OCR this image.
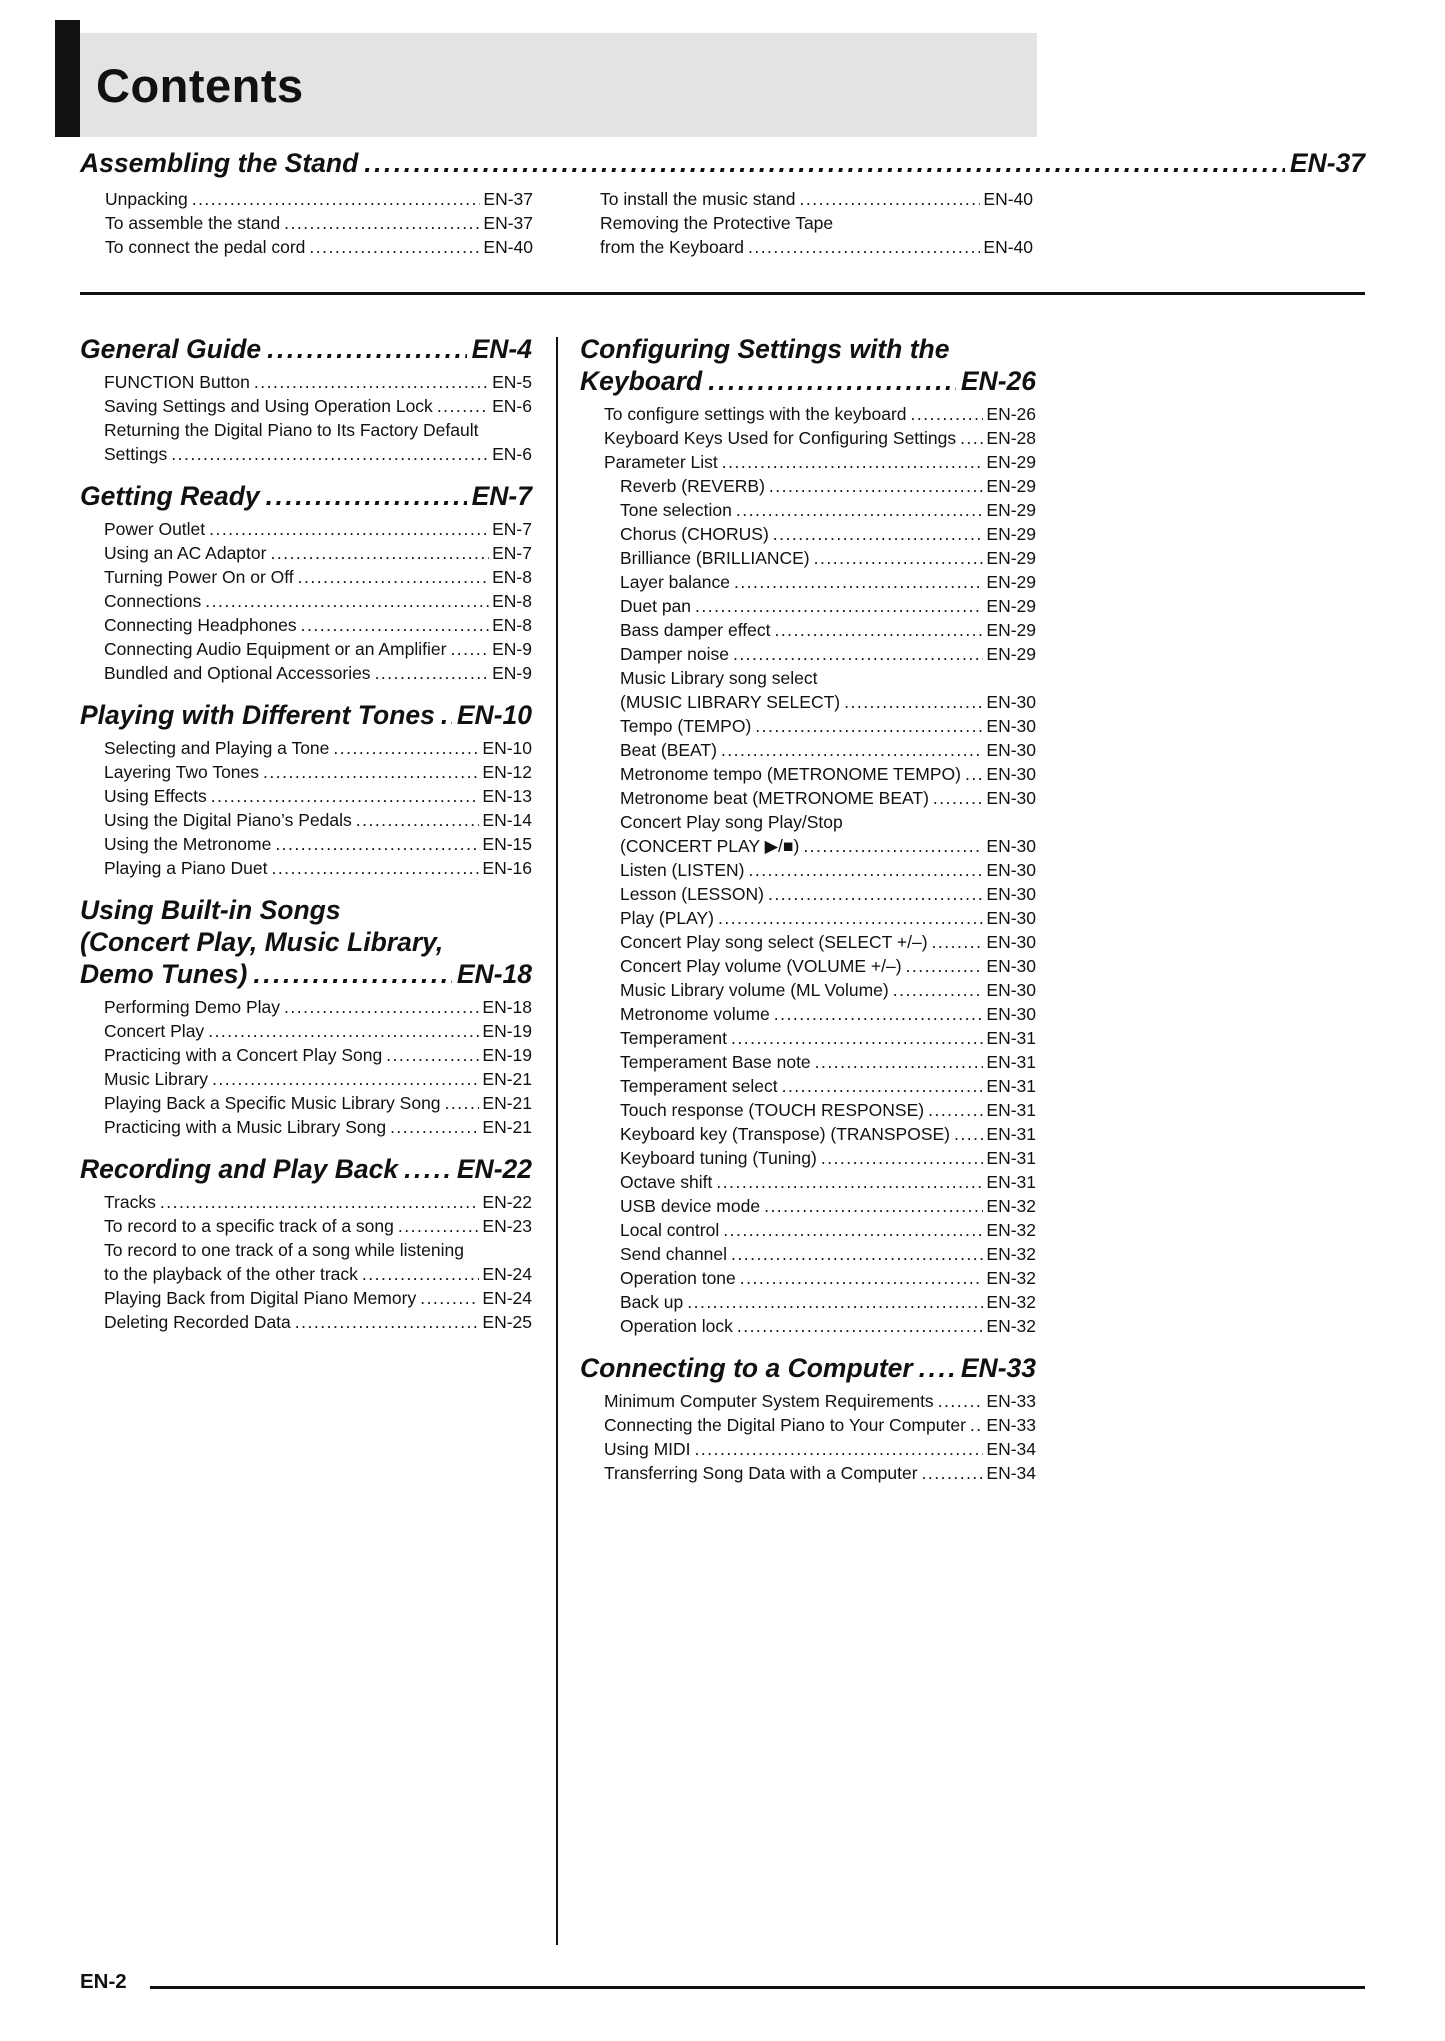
Contents
Assembling the Stand .....	EN-37
Unpacking .....	EN-37
To assemble the stand .....	EN-37
To connect the pedal cord .....	EN-40
To install the music stand .....	EN-40
Removing the Protective Tape
from the Keyboard .....	EN-40
General Guide .....	EN-4
FUNCTION Button .....	EN-5
Saving Settings and Using Operation Lock .....	EN-6
Returning the Digital Piano to Its Factory Default
Settings .....	EN-6
Getting Ready .....	EN-7
Power Outlet .....	EN-7
Using an AC Adaptor .....	EN-7
Turning Power On or Off .....	EN-8
Connections .....	EN-8
Connecting Headphones .....	EN-8
Connecting Audio Equipment or an Amplifier .....	EN-9
Bundled and Optional Accessories .....	EN-9
Playing with Different Tones ..... EN-10
Selecting and Playing a Tone .....	EN-10
Layering Two Tones .....	EN-12
Using Effects .....	EN-13
Using the Digital Piano’s Pedals .....	EN-14
Using the Metronome .....	EN-15
Playing a Piano Duet .....	EN-16
Using Built-in Songs
(Concert Play, Music Library,
Demo Tunes) .....	EN-18
Performing Demo Play .....	EN-18
Concert Play .....	EN-19
Practicing with a Concert Play Song .....	EN-19
Music Library .....	EN-21
Playing Back a Specific Music Library Song ..... EN-21
Practicing with a Music Library Song .....	EN-21
Recording and Play Back ..... EN-22
Tracks .....	EN-22
To record to a specific track of a song .....	EN-23
To record to one track of a song while listening
to the playback of the other track .....	EN-24
Playing Back from Digital Piano Memory .....	EN-24
Deleting Recorded Data .....	EN-25
Configuring Settings with the
Keyboard .....	EN-26
To configure settings with the keyboard .....	EN-26
Keyboard Keys Used for Configuring Settings ..... EN-28
Parameter List .....	EN-29
Reverb (REVERB) .....	EN-29
Tone selection .....	EN-29
Chorus (CHORUS) .....	EN-29
Brilliance (BRILLIANCE) .....	EN-29
Layer balance .....	EN-29
Duet pan .....	EN-29
Bass damper effect .....	EN-29
Damper noise .....	EN-29
Music Library song select
(MUSIC LIBRARY SELECT) .....	EN-30
Tempo (TEMPO) .....	EN-30
Beat (BEAT) .....	EN-30
Metronome tempo (METRONOME TEMPO) ..... EN-30
Metronome beat (METRONOME BEAT) .....	EN-30
Concert Play song Play/Stop
(CONCERT PLAY ▶/■) .....	EN-30
Listen (LISTEN) .....	EN-30
Lesson (LESSON) .....	EN-30
Play (PLAY) .....	EN-30
Concert Play song select (SELECT +/–) .....	EN-30
Concert Play volume (VOLUME +/–) .....	EN-30
Music Library volume (ML Volume) .....	EN-30
Metronome volume .....	EN-30
Temperament .....	EN-31
Temperament Base note .....	EN-31
Temperament select .....	EN-31
Touch response (TOUCH RESPONSE) .....	EN-31
Keyboard key (Transpose) (TRANSPOSE) ..... EN-31
Keyboard tuning (Tuning) .....	EN-31
Octave shift .....	EN-31
USB device mode .....	EN-32
Local control .....	EN-32
Send channel .....	EN-32
Operation tone .....	EN-32
Back up .....	EN-32
Operation lock .....	EN-32
Connecting to a Computer ..... EN-33
Minimum Computer System Requirements .....	EN-33
Connecting the Digital Piano to Your Computer ..... EN-33
Using MIDI .....	EN-34
Transferring Song Data with a Computer .....	EN-34
EN-2
